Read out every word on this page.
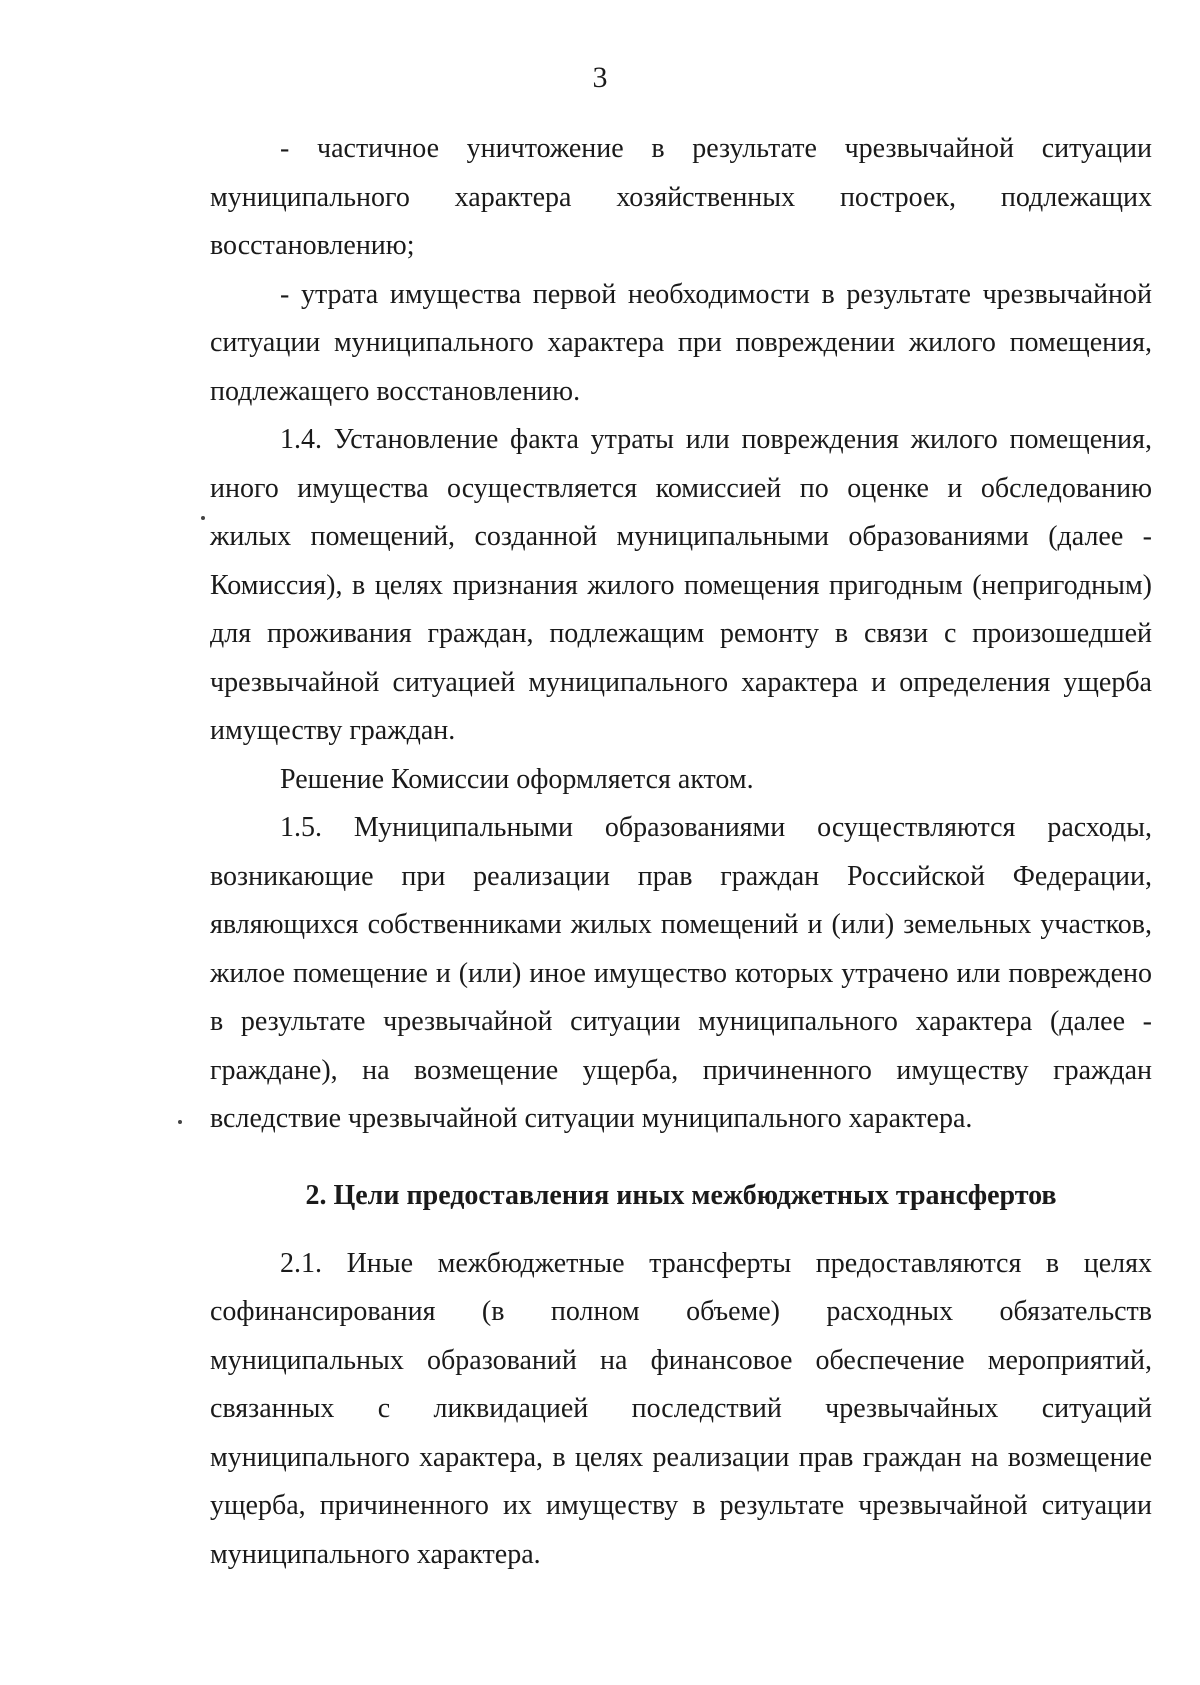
3

- частичное уничтожение в результате чрезвычайной ситуации муниципального характера хозяйственных построек, подлежащих восстановлению;

- утрата имущества первой необходимости в результате чрезвычайной ситуации муниципального характера при повреждении жилого помещения, подлежащего восстановлению.

1.4. Установление факта утраты или повреждения жилого помещения, иного имущества осуществляется комиссией по оценке и обследованию жилых помещений, созданной муниципальными образованиями (далее - Комиссия), в целях признания жилого помещения пригодным (непригодным) для проживания граждан, подлежащим ремонту в связи с произошедшей чрезвычайной ситуацией муниципального характера и определения ущерба имуществу граждан.

Решение Комиссии оформляется актом.

1.5. Муниципальными образованиями осуществляются расходы, возникающие при реализации прав граждан Российской Федерации, являющихся собственниками жилых помещений и (или) земельных участков, жилое помещение и (или) иное имущество которых утрачено или повреждено в результате чрезвычайной ситуации муниципального характера (далее - граждане), на возмещение ущерба, причиненного имуществу граждан вследствие чрезвычайной ситуации муниципального характера.

2. Цели предоставления иных межбюджетных трансфертов

2.1. Иные межбюджетные трансферты предоставляются в целях софинансирования (в полном объеме) расходных обязательств муниципальных образований на финансовое обеспечение мероприятий, связанных с ликвидацией последствий чрезвычайных ситуаций муниципального характера, в целях реализации прав граждан на возмещение ущерба, причиненного их имуществу в результате чрезвычайной ситуации муниципального характера.
